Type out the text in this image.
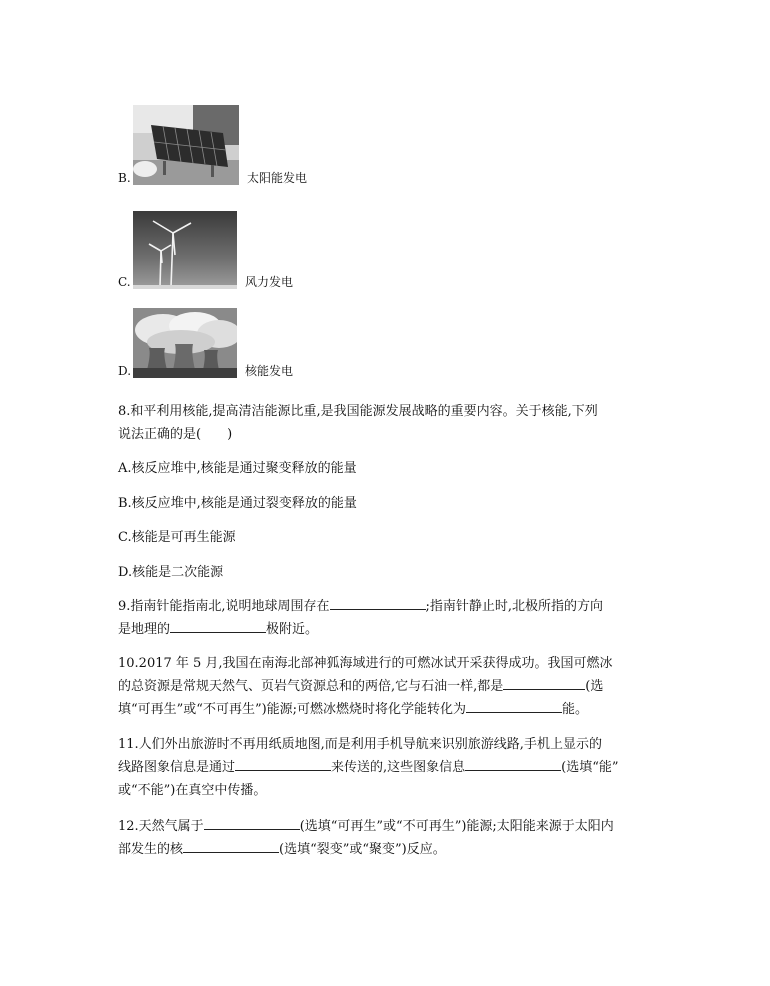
B.	太阳能发电
C.	风力发电
D.	核能发电

8.和平利用核能,提高清洁能源比重,是我国能源发展战略的重要内容。关于核能,下列

说法正确的是(　　)

A.核反应堆中,核能是通过聚变释放的能量
B.核反应堆中,核能是通过裂变释放的能量
C.核能是可再生能源
D.核能是二次能源

9.指南针能指南北,说明地球周围存在	;指南针静止时,北极所指的方向

是地理的	极附近。

10.2017 年 5 月,我国在南海北部神狐海域进行的可燃冰试开采获得成功。我国可燃冰

的总资源是常规天然气、页岩气资源总和的两倍,它与石油一样,都是	(选

填“可再生”或“不可再生”)能源;可燃冰燃烧时将化学能转化为	能。

11.人们外出旅游时不再用纸质地图,而是利用手机导航来识别旅游线路,手机上显示的

线路图象信息是通过	来传送的,这些图象信息	(选填“能”

或“不能”)在真空中传播。

12.天然气属于	(选填“可再生”或“不可再生”)能源;太阳能来源于太阳内

部发生的核	(选填“裂变”或“聚变”)反应。
